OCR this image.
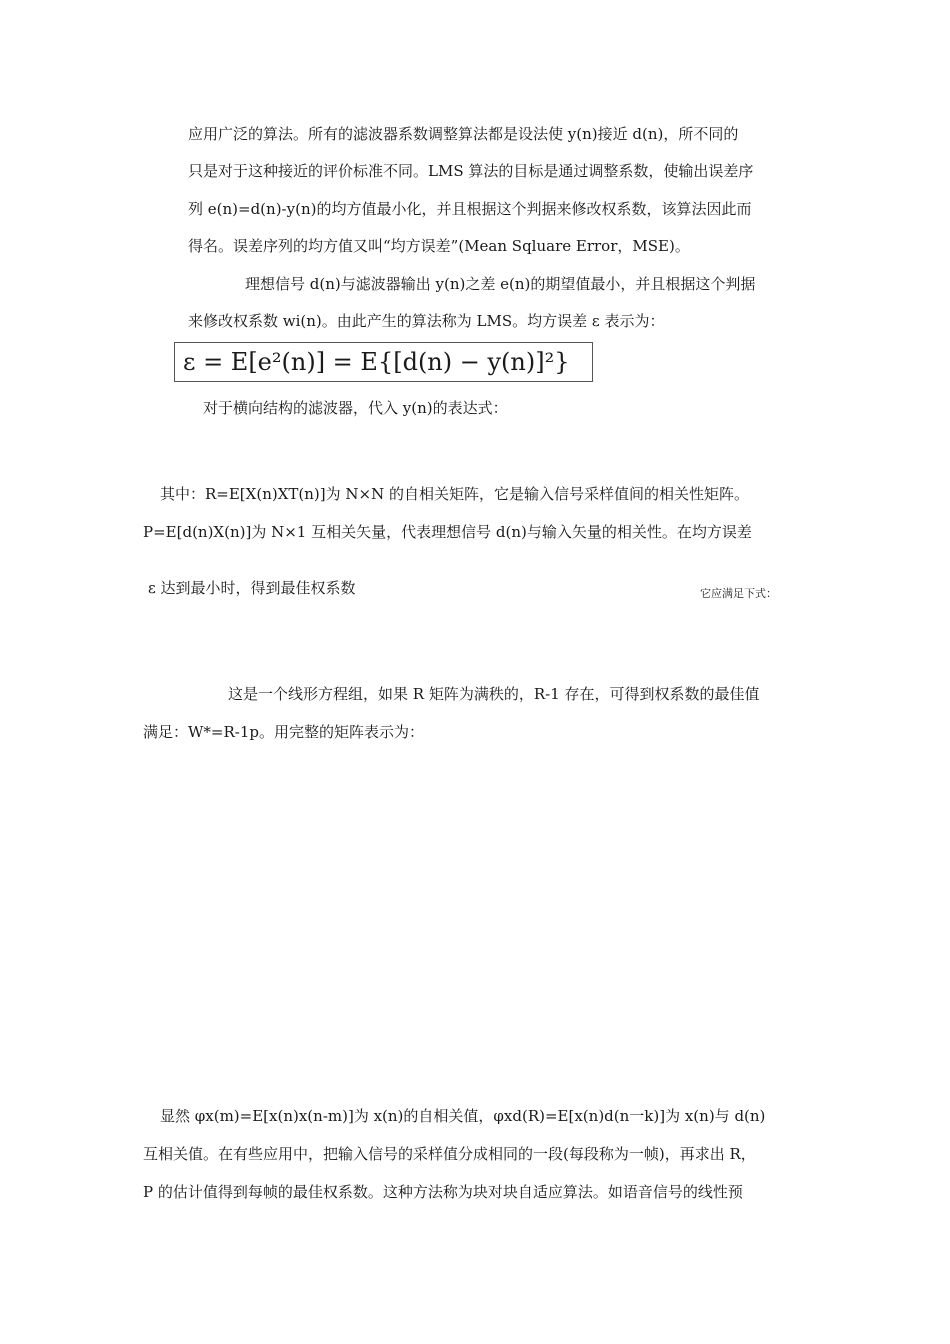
应用广泛的算法。所有的滤波器系数调整算法都是设法使 y(n)接近 d(n)，所不同的
只是对于这种接近的评价标准不同。LMS 算法的目标是通过调整系数，使输出误差序
列 e(n)=d(n)-y(n)的均方值最小化，并且根据这个判据来修改权系数，该算法因此而
得名。误差序列的均方值又叫“均方误差”(Mean Sqluare Error，MSE)。
理想信号 d(n)与滤波器输出 y(n)之差 e(n)的期望值最小，并且根据这个判据
来修改权系数 wi(n)。由此产生的算法称为 LMS。均方误差 ε 表示为：
ε = E[e²(n)] = E{[d(n) − y(n)]²}
对于横向结构的滤波器，代入 y(n)的表达式：
其中：R=E[X(n)XT(n)]为 N×N 的自相关矩阵，它是输入信号采样值间的相关性矩阵。
P=E[d(n)X(n)]为 N×1 互相关矢量，代表理想信号 d(n)与输入矢量的相关性。在均方误差
ε 达到最小时，得到最佳权系数	它应满足下式：
这是一个线形方程组，如果 R 矩阵为满秩的，R-1 存在，可得到权系数的最佳值
满足：W*=R-1p。用完整的矩阵表示为：
显然 φx(m)=E[x(n)x(n-m)]为 x(n)的自相关值，φxd(R)=E[x(n)d(n一k)]为 x(n)与 d(n)
互相关值。在有些应用中，把输入信号的采样值分成相同的一段(每段称为一帧)，再求出 R，
P 的估计值得到每帧的最佳权系数。这种方法称为块对块自适应算法。如语音信号的线性预
